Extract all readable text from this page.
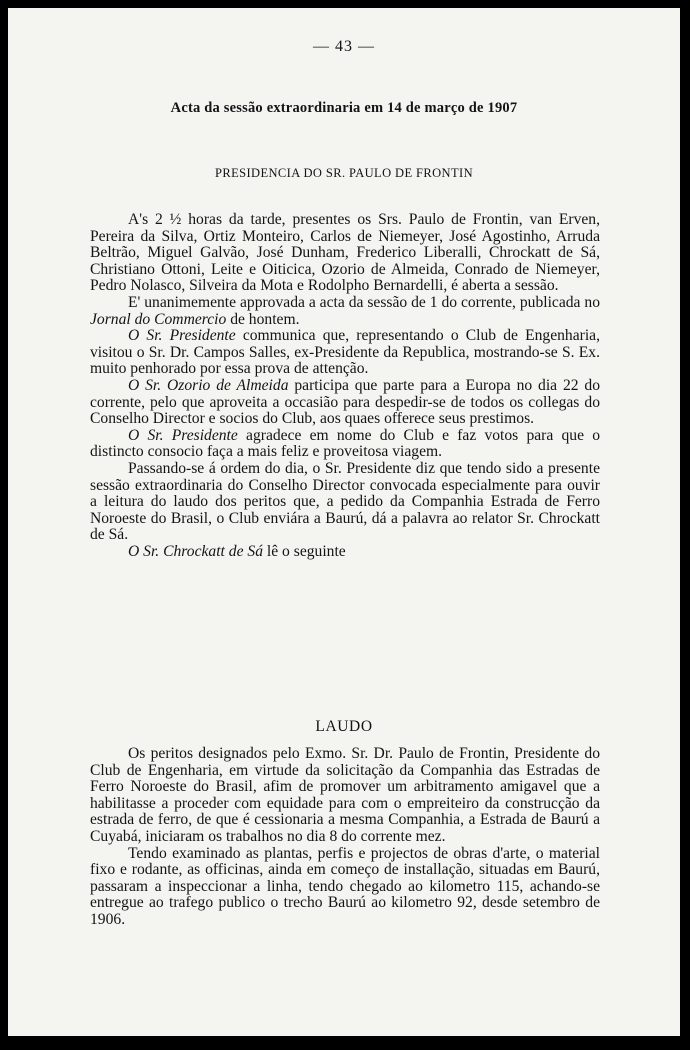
— 43 —
Acta da sessão extraordinaria em 14 de março de 1907
PRESIDENCIA DO SR. PAULO DE FRONTIN

A's 2 ½ horas da tarde, presentes os Srs. Paulo de Frontin, van Erven, Pereira da Silva, Ortiz Monteiro, Carlos de Niemeyer, José Agostinho, Arruda Beltrão, Miguel Galvão, José Dunham, Frederico Liberalli, Chrockatt de Sá, Christiano Ottoni, Leite e Oiticica, Ozorio de Almeida, Conrado de Niemeyer, Pedro Nolasco, Silveira da Mota e Rodolpho Bernardelli, é aberta a sessão.

E' unanimemente approvada a acta da sessão de 1 do corrente, publicada no Jornal do Commercio de hontem.

O Sr. Presidente communica que, representando o Club de Engenharia, visitou o Sr. Dr. Campos Salles, ex-Presidente da Republica, mostrando-se S. Ex. muito penhorado por essa prova de attenção.

O Sr. Ozorio de Almeida participa que parte para a Europa no dia 22 do corrente, pelo que aproveita a occasião para despedir-se de todos os collegas do Conselho Director e socios do Club, aos quaes offerece seus prestimos.

O Sr. Presidente agradece em nome do Club e faz votos para que o distincto consocio faça a mais feliz e proveitosa viagem.

Passando-se á ordem do dia, o Sr. Presidente diz que tendo sido a presente sessão extraordinaria do Conselho Director convocada especialmente para ouvir a leitura do laudo dos peritos que, a pedido da Companhia Estrada de Ferro Noroeste do Brasil, o Club enviára a Baurú, dá a palavra ao relator Sr. Chrockatt de Sá.

O Sr. Chrockatt de Sá lê o seguinte

LAUDO

Os peritos designados pelo Exmo. Sr. Dr. Paulo de Frontin, Presidente do Club de Engenharia, em virtude da solicitação da Companhia das Estradas de Ferro Noroeste do Brasil, afim de promover um arbitramento amigavel que a habilitasse a proceder com equidade para com o empreiteiro da construcção da estrada de ferro, de que é cessionaria a mesma Companhia, a Estrada de Baurú a Cuyabá, iniciaram os trabalhos no dia 8 do corrente mez.

Tendo examinado as plantas, perfis e projectos de obras d'arte, o material fixo e rodante, as officinas, ainda em começo de installação, situadas em Baurú, passaram a inspeccionar a linha, tendo chegado ao kilometro 115, achando-se entregue ao trafego publico o trecho Baurú ao kilometro 92, desde setembro de 1906.
